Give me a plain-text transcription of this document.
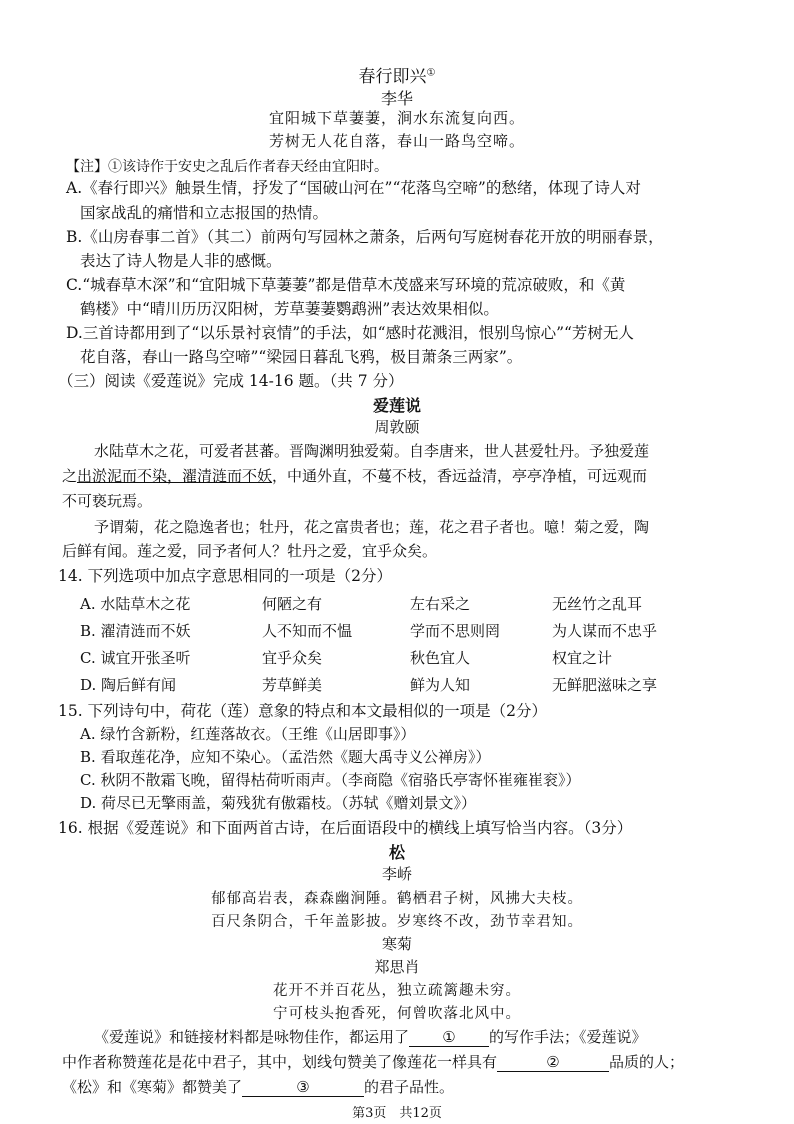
春行即兴①
李华
宜阳城下草萋萋，涧水东流复向西。
芳树无人花自落，春山一路鸟空啼。
【注】①该诗作于安史之乱后作者春天经由宜阳时。
A.《春行即兴》触景生情，抒发了“国破山河在”“花落鸟空啼”的愁绪，体现了诗人对
国家战乱的痛惜和立志报国的热情。
B.《山房春事二首》（其二）前两句写园林之萧条，后两句写庭树春花开放的明丽春景，
表达了诗人物是人非的感慨。
C.“城春草木深”和“宜阳城下草萋萋”都是借草木茂盛来写环境的荒凉破败，和《黄
鹤楼》中“晴川历历汉阳树，芳草萋萋鹦鹉洲”表达效果相似。
D.三首诗都用到了“以乐景衬哀情”的手法，如“感时花溅泪，恨别鸟惊心”“芳树无人
花自落，春山一路鸟空啼”“梁园日暮乱飞鸦，极目萧条三两家”。
（三）阅读《爱莲说》完成 14-16 题。（共 7 分）
爱莲说
周敦颐
水陆草木之花，可爱者甚蕃。晋陶渊明独爱菊。自李唐来，世人甚爱牡丹。予独爱莲
之出淤泥而不染，濯清涟而不妖，中通外直，不蔓不枝，香远益清，亭亭净植，可远观而
不可亵玩焉。
予谓菊，花之隐逸者也；牡丹，花之富贵者也；莲，花之君子者也。噫！菊之爱，陶
后鲜有闻。莲之爱，同予者何人？牡丹之爱，宜乎众矣。
14. 下列选项中加点字意思相同的一项是（2分）
A. 水陆草木之花	何陋之有	左右采之	无丝竹之乱耳
B. 濯清涟而不妖	人不知而不愠	学而不思则罔	为人谋而不忠乎
C. 诚宜开张圣听	宜乎众矣	秋色宜人	权宜之计
D. 陶后鲜有闻	芳草鲜美	鲜为人知	无鲜肥滋味之享
15. 下列诗句中，荷花（莲）意象的特点和本文最相似的一项是（2分）
A. 绿竹含新粉，红莲落故衣。（王维《山居即事》）
B. 看取莲花净，应知不染心。（孟浩然《题大禹寺义公禅房》）
C. 秋阴不散霜飞晚，留得枯荷听雨声。（李商隐《宿骆氏亭寄怀崔雍崔衮》）
D. 荷尽已无擎雨盖，菊残犹有傲霜枝。（苏轼《赠刘景文》）
16. 根据《爱莲说》和下面两首古诗，在后面语段中的横线上填写恰当内容。（3分）
松
李峤
郁郁高岩表，森森幽涧陲。鹤栖君子树，风拂大夫枝。
百尺条阴合，千年盖影披。岁寒终不改，劲节幸君知。
寒菊
郑思肖
花开不并百花丛，独立疏篱趣未穷。
宁可枝头抱香死，何曾吹落北风中。
《爱莲说》和链接材料都是咏物佳作，都运用了 ① 的写作手法；《爱莲说》
中作者称赞莲花是花中君子，其中，划线句赞美了像莲花一样具有	②	品质的人；
《松》和《寒菊》都赞美了	③	的君子品性。
第3页　共12页
